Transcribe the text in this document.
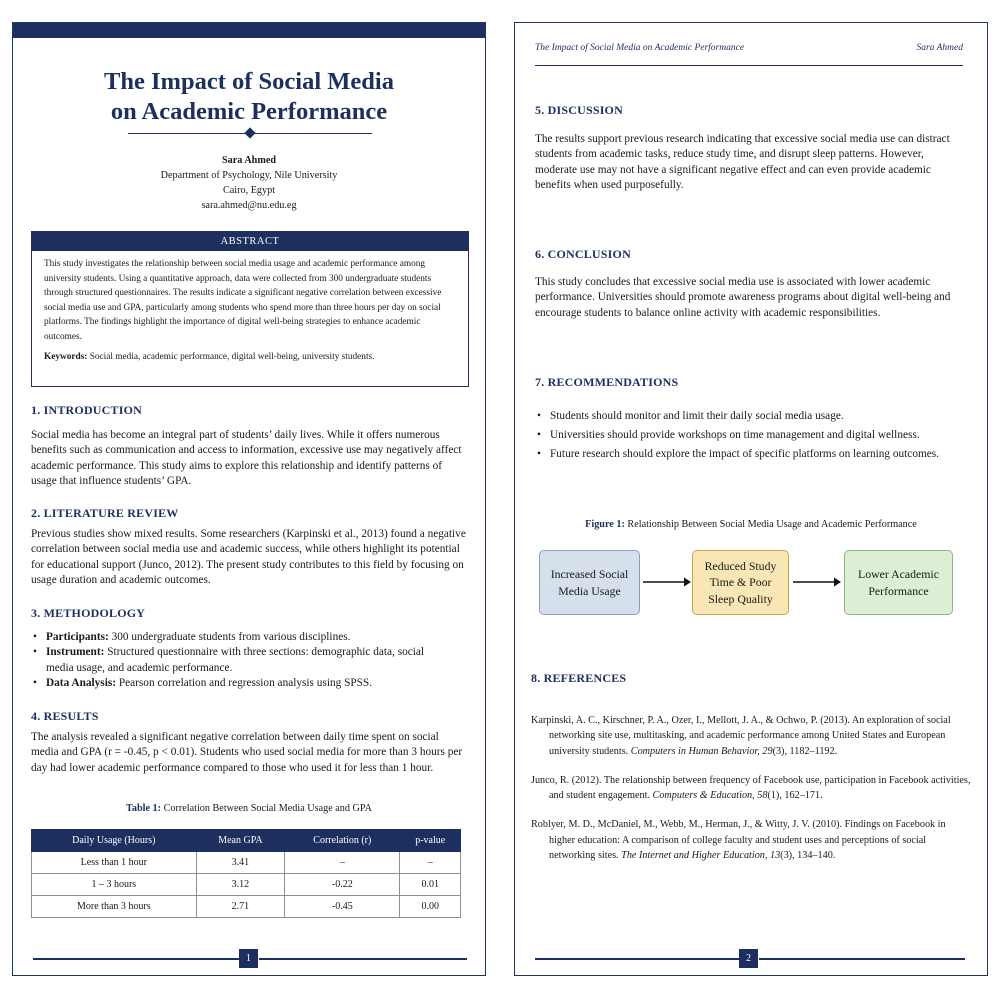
The Impact of Social Media
on Academic Performance
Sara Ahmed
Department of Psychology, Nile University
Cairo, Egypt
sara.ahmed@nu.edu.eg
ABSTRACT
This study investigates the relationship between social media usage and academic performance among university students. Using a quantitative approach, data were collected from 300 undergraduate students through structured questionnaires. The results indicate a significant negative correlation between excessive social media use and GPA, particularly among students who spend more than three hours per day on social platforms. The findings highlight the importance of digital well-being strategies to enhance academic outcomes.
Keywords: Social media, academic performance, digital well-being, university students.
1. INTRODUCTION
Social media has become an integral part of students’ daily lives. While it offers numerous benefits such as communication and access to information, excessive use may negatively affect academic performance. This study aims to explore this relationship and identify patterns of usage that influence students’ GPA.
2. LITERATURE REVIEW
Previous studies show mixed results. Some researchers (Karpinski et al., 2013) found a negative correlation between social media use and academic success, while others highlight its potential for educational support (Junco, 2012). The present study contributes to this field by focusing on usage duration and academic outcomes.
3. METHODOLOGY
• Participants: 300 undergraduate students from various disciplines.
• Instrument: Structured questionnaire with three sections: demographic data, social media usage, and academic performance.
• Data Analysis: Pearson correlation and regression analysis using SPSS.
4. RESULTS
The analysis revealed a significant negative correlation between daily time spent on social media and GPA (r = -0.45, p < 0.01). Students who used social media for more than 3 hours per day had lower academic performance compared to those who used it for less than 1 hour.
Table 1: Correlation Between Social Media Usage and GPA
Daily Usage (Hours)	Mean GPA	Correlation (r)	p-value
Less than 1 hour	3.41	–	–
1 – 3 hours	3.12	-0.22	0.01
More than 3 hours	2.71	-0.45	0.00
1
The Impact of Social Media on Academic Performance	Sara Ahmed
5. DISCUSSION
The results support previous research indicating that excessive social media use can distract students from academic tasks, reduce study time, and disrupt sleep patterns. However, moderate use may not have a significant negative effect and can even provide academic benefits when used purposefully.
6. CONCLUSION
This study concludes that excessive social media use is associated with lower academic performance. Universities should promote awareness programs about digital well-being and encourage students to balance online activity with academic responsibilities.
7. RECOMMENDATIONS
• Students should monitor and limit their daily social media usage.
• Universities should provide workshops on time management and digital wellness.
• Future research should explore the impact of specific platforms on learning outcomes.
Figure 1: Relationship Between Social Media Usage and Academic Performance
Increased Social Media Usage
Reduced Study Time & Poor Sleep Quality
Lower Academic Performance
8. REFERENCES
Karpinski, A. C., Kirschner, P. A., Ozer, I., Mellott, J. A., & Ochwo, P. (2013). An exploration of social networking site use, multitasking, and academic performance among United States and European university students. Computers in Human Behavior, 29(3), 1182–1192.
Junco, R. (2012). The relationship between frequency of Facebook use, participation in Facebook activities, and student engagement. Computers & Education, 58(1), 162–171.
Roblyer, M. D., McDaniel, M., Webb, M., Herman, J., & Witty, J. V. (2010). Findings on Facebook in higher education: A comparison of college faculty and student uses and perceptions of social networking sites. The Internet and Higher Education, 13(3), 134–140.
2
